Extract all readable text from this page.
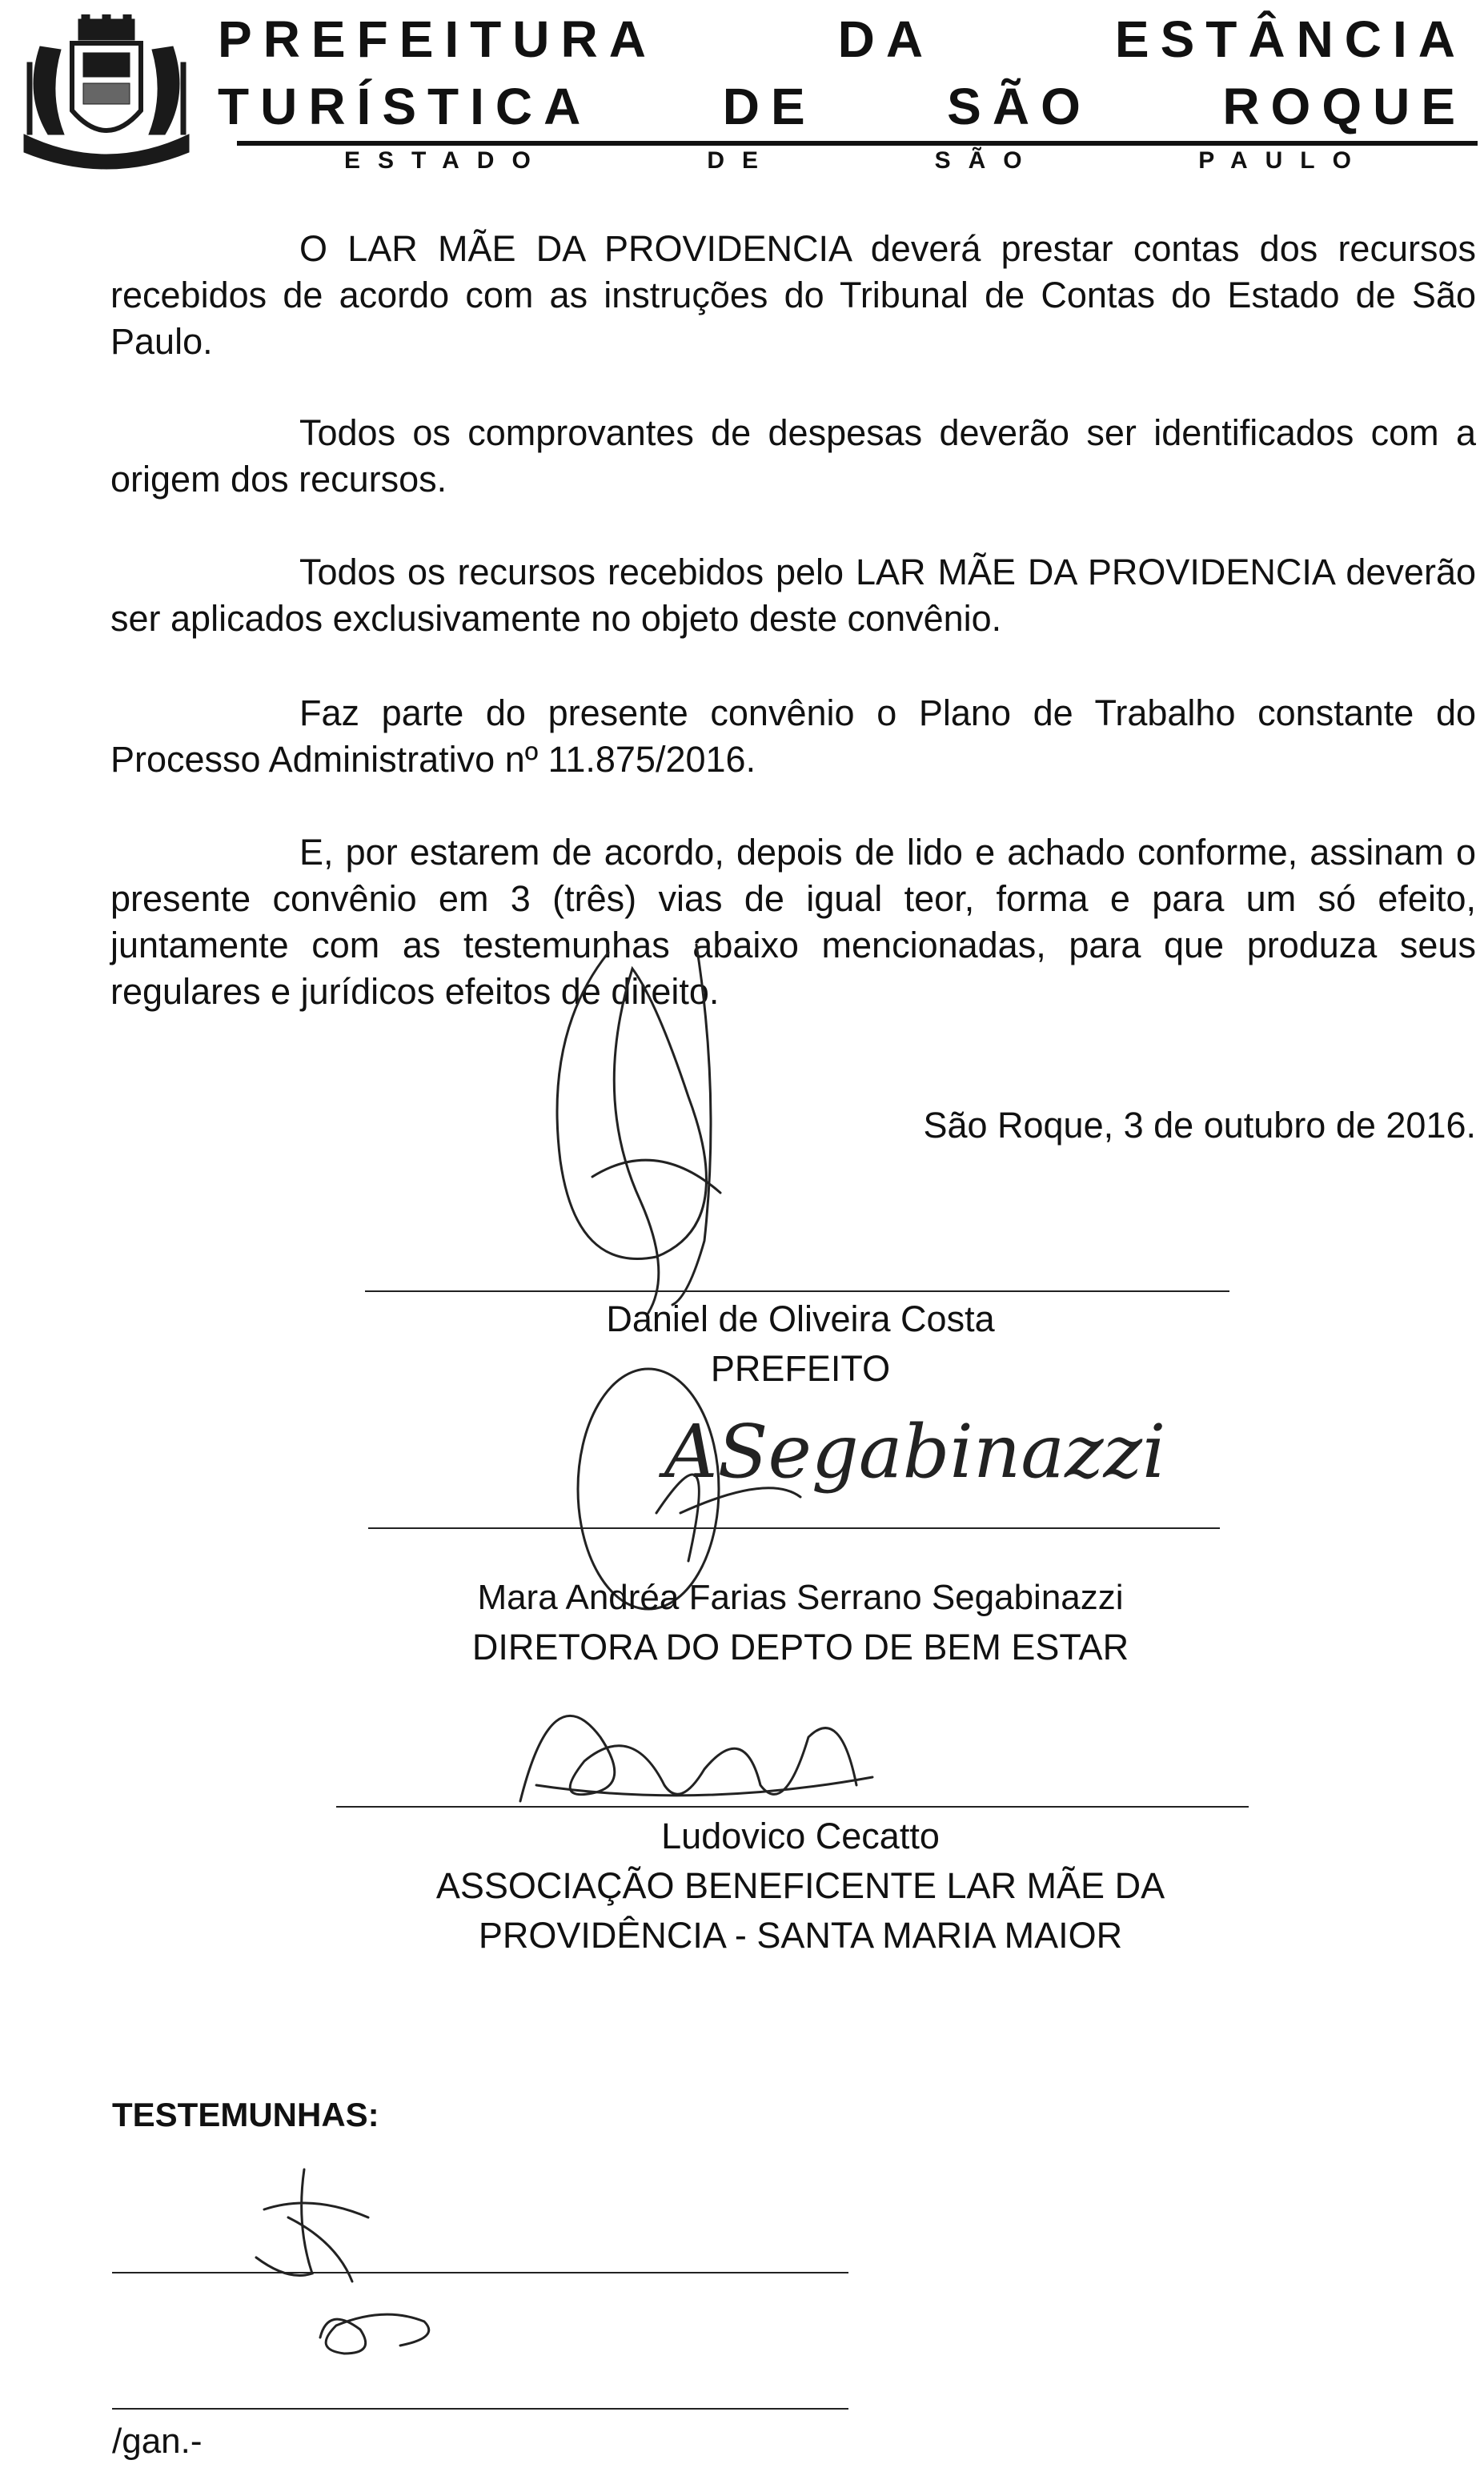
PREFEITURA	DA	ESTÂNCIA
TURÍSTICA	DE	SÃO	ROQUE
ESTADO	DE	SÃO	PAULO

O LAR MÃE DA PROVIDENCIA deverá prestar contas dos recursos recebidos de acordo com as instruções do Tribunal de Contas do Estado de São Paulo.

Todos os comprovantes de despesas deverão ser identificados com a origem dos recursos.

Todos os recursos recebidos pelo LAR MÃE DA PROVIDENCIA deverão ser aplicados exclusivamente no objeto deste convênio.

Faz parte do presente convênio o Plano de Trabalho constante do Processo Administrativo nº 11.875/2016.

E, por estarem de acordo, depois de lido e achado conforme, assinam o presente convênio em 3 (três) vias de igual teor, forma e para um só efeito, juntamente com as testemunhas abaixo mencionadas, para que produza seus regulares e jurídicos efeitos de direito.

São Roque, 3 de outubro de 2016.
Daniel de Oliveira Costa
PREFEITO
ASegabinazzi
Mara Andréa Farias Serrano Segabinazzi
DIRETORA DO DEPTO DE BEM ESTAR
Ludovico Cecatto
ASSOCIAÇÃO BENEFICENTE LAR MÃE DA
PROVIDÊNCIA - SANTA MARIA MAIOR
TESTEMUNHAS:
/gan.-
